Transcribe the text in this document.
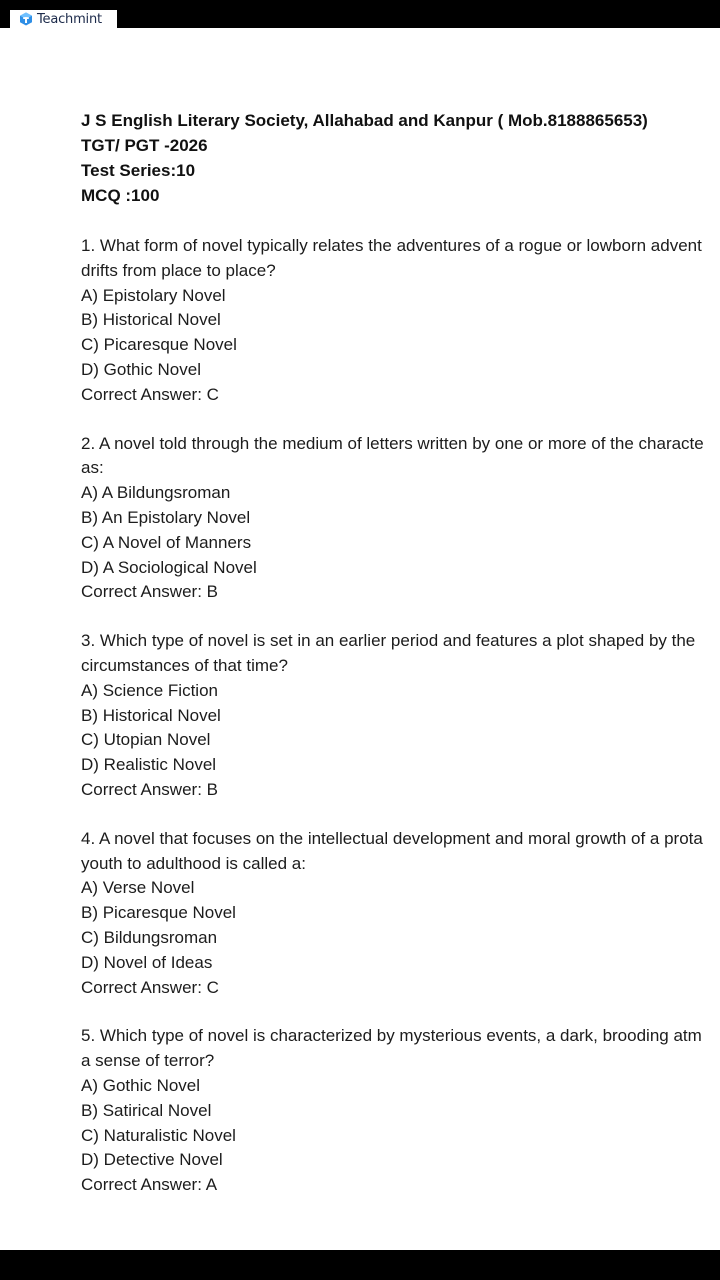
Teachmint
J S English Literary Society, Allahabad and Kanpur ( Mob.8188865653)
TGT/ PGT -2026
Test Series:10
MCQ :100
1. What form of novel typically relates the adventures of a rogue or lowborn advent
drifts from place to place?
A) Epistolary Novel
B) Historical Novel
C) Picaresque Novel
D) Gothic Novel
Correct Answer: C
2. A novel told through the medium of letters written by one or more of the characte
as:
A) A Bildungsroman
B) An Epistolary Novel
C) A Novel of Manners
D) A Sociological Novel
Correct Answer: B
3. Which type of novel is set in an earlier period and features a plot shaped by the
circumstances of that time?
A) Science Fiction
B) Historical Novel
C) Utopian Novel
D) Realistic Novel
Correct Answer: B
4. A novel that focuses on the intellectual development and moral growth of a prota
youth to adulthood is called a:
A) Verse Novel
B) Picaresque Novel
C) Bildungsroman
D) Novel of Ideas
Correct Answer: C
5. Which type of novel is characterized by mysterious events, a dark, brooding atm
a sense of terror?
A) Gothic Novel
B) Satirical Novel
C) Naturalistic Novel
D) Detective Novel
Correct Answer: A
